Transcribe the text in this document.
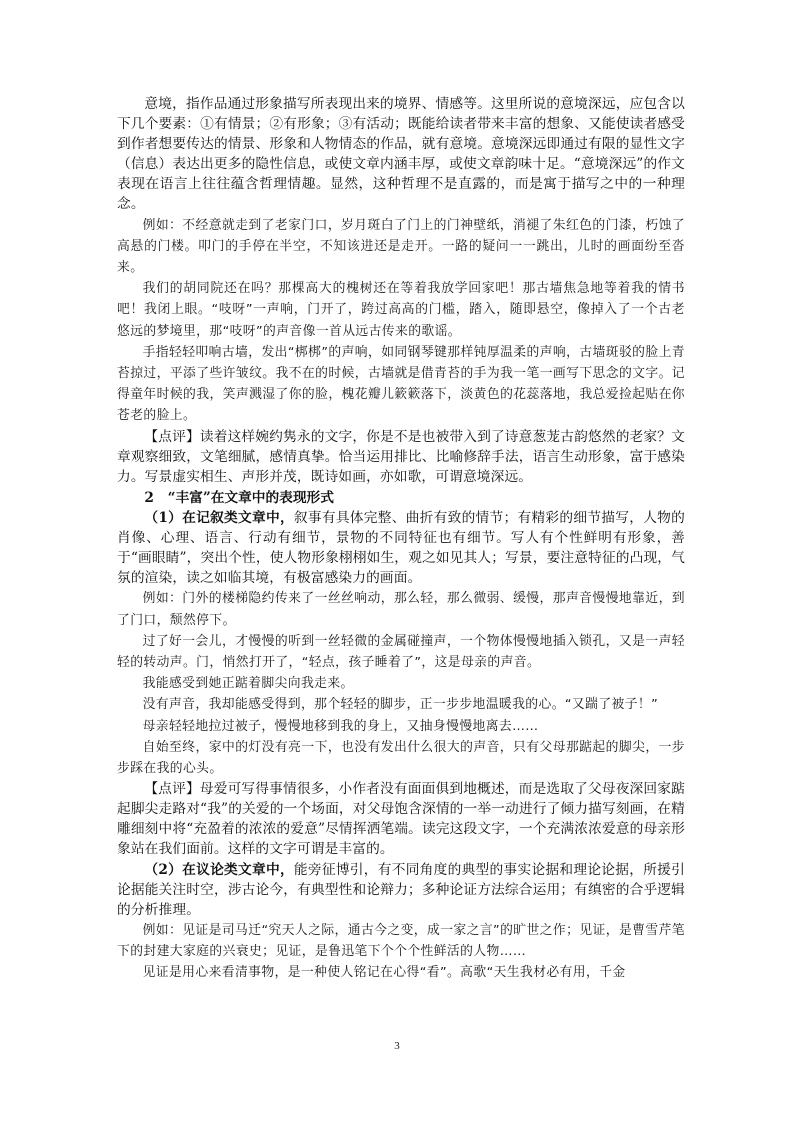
意境，指作品通过形象描写所表现出来的境界、情感等。这里所说的意境深远，应包含以下几个要素：①有情景；②有形象；③有活动；既能给读者带来丰富的想象、又能使读者感受到作者想要传达的情景、形象和人物情态的作品，就有意境。意境深远即通过有限的显性文字（信息）表达出更多的隐性信息，或使文章内涵丰厚，或使文章韵味十足。“意境深远”的作文表现在语言上往往蕴含哲理情趣。显然，这种哲理不是直露的，而是寓于描写之中的一种理念。

例如：不经意就走到了老家门口，岁月斑白了门上的门神壁纸，消褪了朱红色的门漆，朽蚀了高悬的门楼。叩门的手停在半空，不知该进还是走开。一路的疑问一一跳出，儿时的画面纷至沓来。

我们的胡同院还在吗？那棵高大的槐树还在等着我放学回家吧！那古墙焦急地等着我的情书吧！我闭上眼。“吱呀”一声响，门开了，跨过高高的门槛，踏入，随即悬空，像掉入了一个古老悠远的梦境里，那“吱呀”的声音像一首从远古传来的歌谣。

手指轻轻叩响古墙，发出“梆梆”的声响，如同钢琴键那样钝厚温柔的声响，古墙斑驳的脸上青苔掠过，平添了些许皱纹。我不在的时候，古墙就是借青苔的手为我一笔一画写下思念的文字。记得童年时候的我，笑声溅湿了你的脸，槐花瓣儿簌簌落下，淡黄色的花蕊落地，我总爱捡起贴在你苍老的脸上。

【点评】读着这样婉约隽永的文字，你是不是也被带入到了诗意葱茏古韵悠然的老家？文章观察细致，文笔细腻，感情真挚。恰当运用排比、比喻修辞手法，语言生动形象，富于感染力。写景虚实相生、声形并茂，既诗如画，亦如歌，可谓意境深远。

2　“丰富”在文章中的表现形式

（1）在记叙类文章中，叙事有具体完整、曲折有致的情节；有精彩的细节描写，人物的肖像、心理、语言、行动有细节，景物的不同特征也有细节。写人有个性鲜明有形象，善于“画眼睛”，突出个性，使人物形象栩栩如生，观之如见其人；写景，要注意特征的凸现，气氛的渲染，读之如临其境，有极富感染力的画面。

例如：门外的楼梯隐约传来了一丝丝响动，那么轻，那么微弱、缓慢，那声音慢慢地靠近，到了门口，颓然停下。

过了好一会儿，才慢慢的听到一丝轻微的金属碰撞声，一个物体慢慢地插入锁孔，又是一声轻轻的转动声。门，悄然打开了，“轻点，孩子睡着了”，这是母亲的声音。

我能感受到她正踮着脚尖向我走来。

没有声音，我却能感受得到，那个轻轻的脚步，正一步步地温暖我的心。“又踹了被子！”

母亲轻轻地拉过被子，慢慢地移到我的身上，又抽身慢慢地离去……

自始至终，家中的灯没有亮一下，也没有发出什么很大的声音，只有父母那踮起的脚尖，一步步踩在我的心头。

【点评】母爱可写得事情很多，小作者没有面面俱到地概述，而是选取了父母夜深回家踮起脚尖走路对“我”的关爱的一个场面，对父母饱含深情的一举一动进行了倾力描写刻画，在精雕细刻中将“充盈着的浓浓的爱意”尽情挥洒笔端。读完这段文字，一个充满浓浓爱意的母亲形象站在我们面前。这样的文字可谓是丰富的。

（2）在议论类文章中，能旁征博引，有不同角度的典型的事实论据和理论论据，所援引论据能关注时空，涉古论今，有典型性和论辩力；多种论证方法综合运用；有缜密的合乎逻辑的分析推理。

例如：见证是司马迁“究天人之际，通古今之变，成一家之言”的旷世之作；见证，是曹雪芹笔下的封建大家庭的兴衰史；见证，是鲁迅笔下个个个性鲜活的人物……

见证是用心来看清事物，是一种使人铭记在心得“看”。高歌“天生我材必有用，千金

3
